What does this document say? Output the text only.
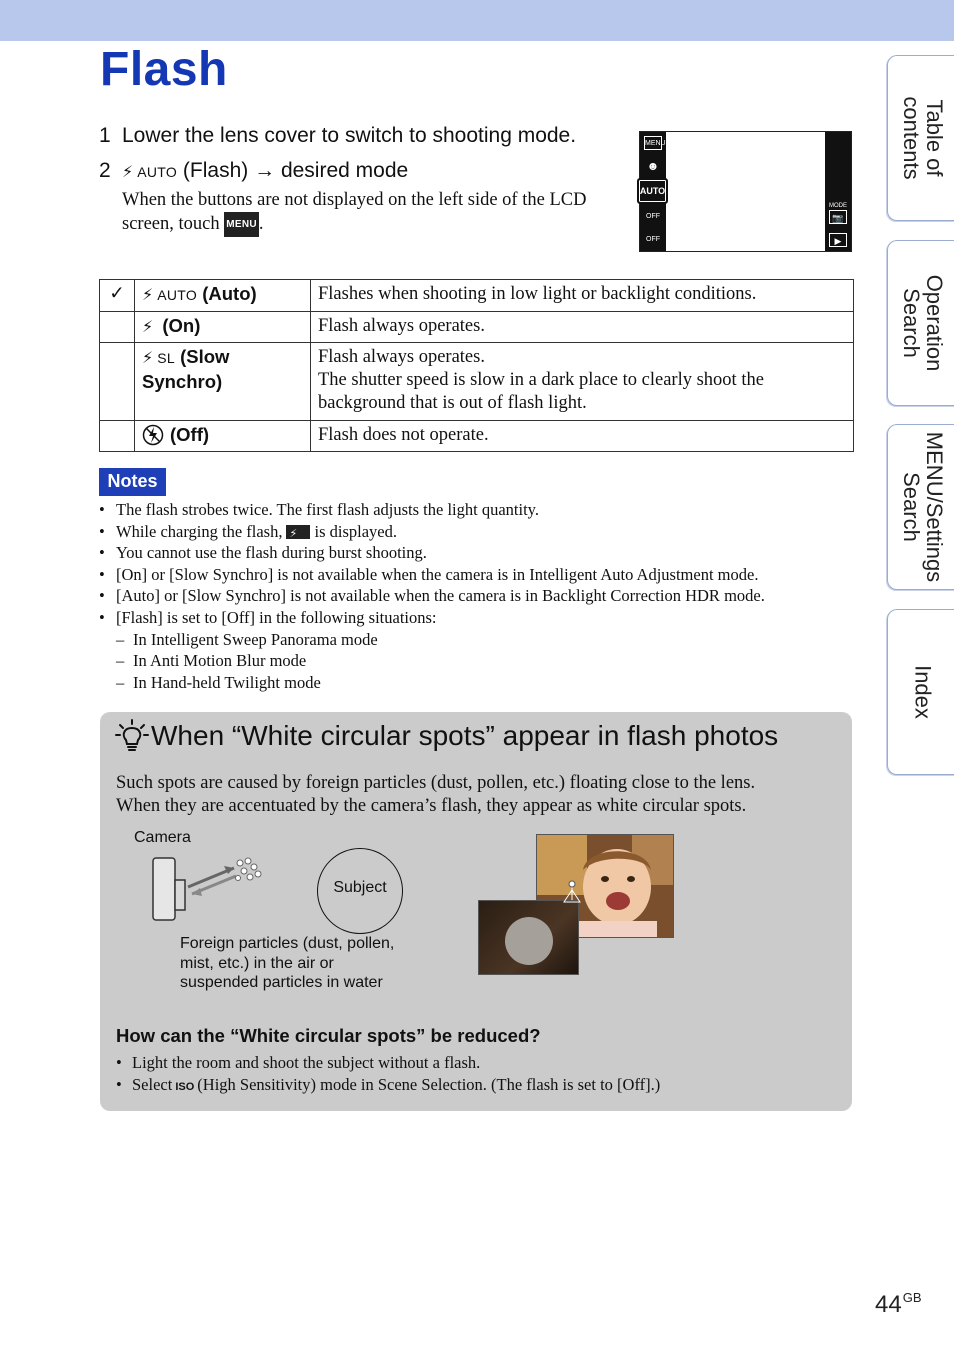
Flash
1 Lower the lens cover to switch to shooting mode.
2 ⚡ AUTO (Flash) → desired mode

When the buttons are not displayed on the left side of the LCD screen, touch MENU .

MENU
☻
OFF
OFF
AUTO
MODE
📷
▶
✓	⚡ AUTO (Auto)	Flashes when shooting in low light or backlight conditions.
	⚡ (On)	Flash always operates.
	⚡ SL (Slow Synchro)	Flash always operates.
The shutter speed is slow in a dark place to clearly shoot the background that is out of flash light.

	(Off)	Flash does not operate.
Notes
• The flash strobes twice. The first flash adjusts the light quantity.
• While charging the flash, ⚡ is displayed.
• You cannot use the flash during burst shooting.
• [On] or [Slow Synchro] is not available when the camera is in Intelligent Auto Adjustment mode.
• [Auto] or [Slow Synchro] is not available when the camera is in Backlight Correction HDR mode.
• [Flash] is set to [Off] in the following situations:
– In Intelligent Sweep Panorama mode
– In Anti Motion Blur mode
– In Hand-held Twilight mode
When “White circular spots” appear in flash photos
Such spots are caused by foreign particles (dust, pollen, etc.) floating close to the lens.
When they are accentuated by the camera’s flash, they appear as white circular spots.
Camera
Subject
Foreign particles (dust, pollen, mist, etc.) in the air or suspended particles in water
How can the “White circular spots” be reduced?
• Light the room and shoot the subject without a flash.
• Select ISO (High Sensitivity) mode in Scene Selection. (The flash is set to [Off].)
Table of
contents
Operation
Search
MENU/Settings
Search
Index
$44^{GB}$
